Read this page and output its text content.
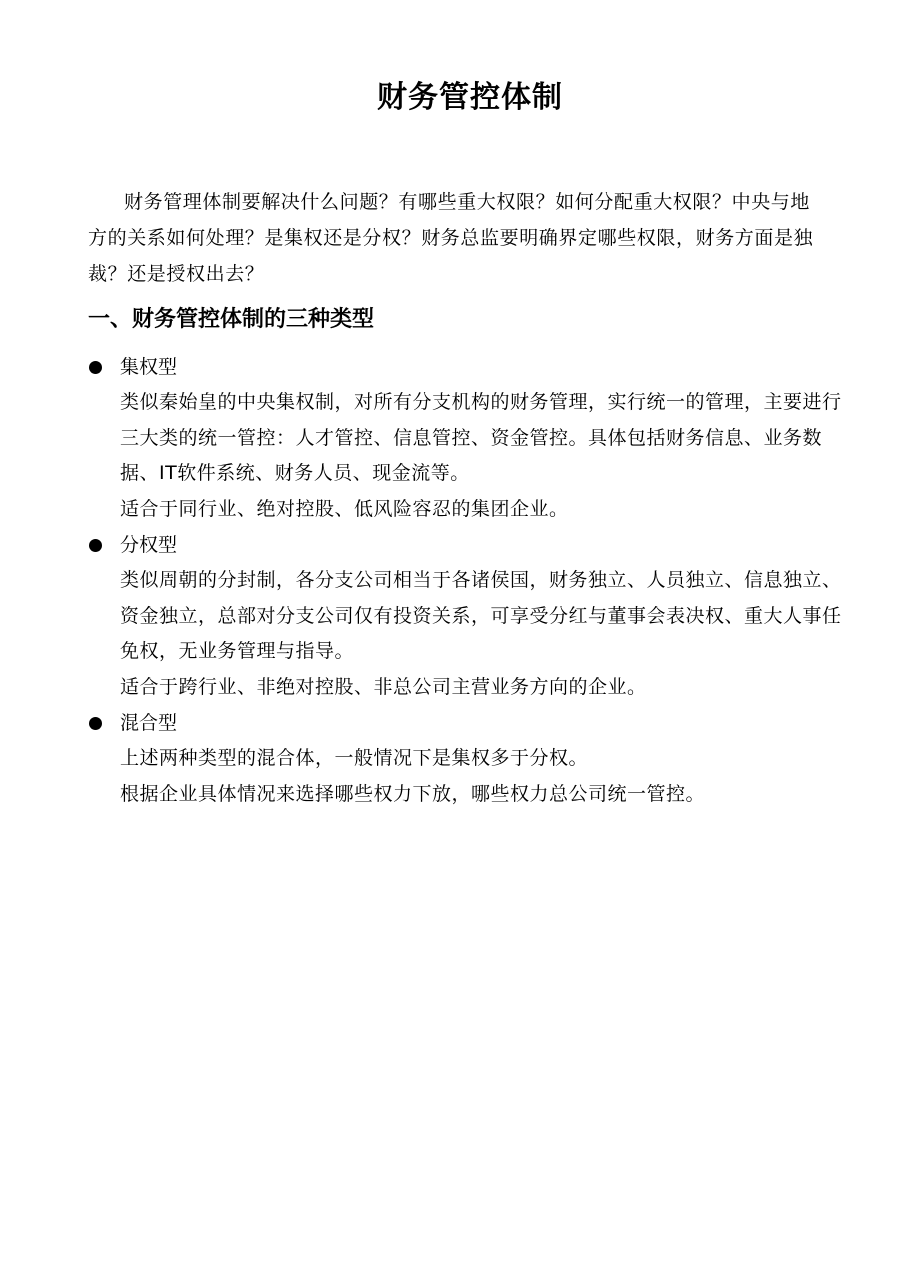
财务管控体制

财务管理体制要解决什么问题？有哪些重大权限？如何分配重大权限？中央与地方的关系如何处理？是集权还是分权？财务总监要明确界定哪些权限，财务方面是独裁？还是授权出去？

一、财务管控体制的三种类型
集权型

类似秦始皇的中央集权制，对所有分支机构的财务管理，实行统一的管理，主要进行三大类的统一管控：人才管控、信息管控、资金管控。具体包括财务信息、业务数据、IT软件系统、财务人员、现金流等。

适合于同行业、绝对控股、低风险容忍的集团企业。

分权型

类似周朝的分封制，各分支公司相当于各诸侯国，财务独立、人员独立、信息独立、资金独立，总部对分支公司仅有投资关系，可享受分红与董事会表决权、重大人事任免权，无业务管理与指导。

适合于跨行业、非绝对控股、非总公司主营业务方向的企业。

混合型

上述两种类型的混合体，一般情况下是集权多于分权。

根据企业具体情况来选择哪些权力下放，哪些权力总公司统一管控。
